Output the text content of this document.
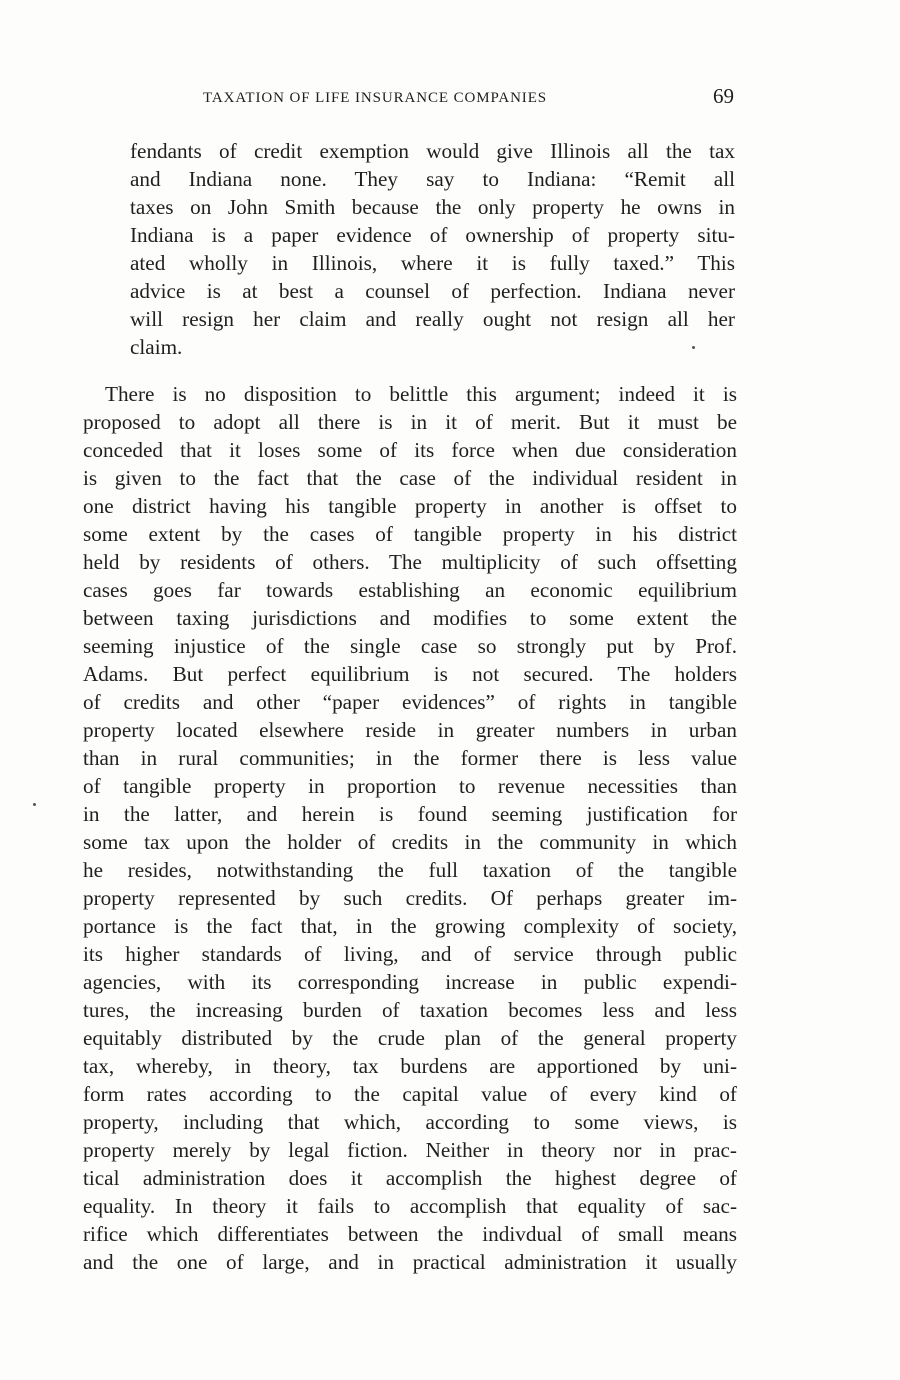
TAXATION OF LIFE INSURANCE COMPANIES	69
fendants of credit exemption would give Illinois all the tax
and Indiana none. They say to Indiana: “Remit all
taxes on John Smith because the only property he owns in
Indiana is a paper evidence of ownership of property situ-
ated wholly in Illinois, where it is fully taxed.” This
advice is at best a counsel of perfection. Indiana never
will resign her claim and really ought not resign all her
claim.
There is no disposition to belittle this argument; indeed it is
proposed to adopt all there is in it of merit. But it must be
conceded that it loses some of its force when due consideration
is given to the fact that the case of the individual resident in
one district having his tangible property in another is offset to
some extent by the cases of tangible property in his district
held by residents of others. The multiplicity of such offsetting
cases goes far towards establishing an economic equilibrium
between taxing jurisdictions and modifies to some extent the
seeming injustice of the single case so strongly put by Prof.
Adams. But perfect equilibrium is not secured. The holders
of credits and other “paper evidences” of rights in tangible
property located elsewhere reside in greater numbers in urban
than in rural communities; in the former there is less value
of tangible property in proportion to revenue necessities than
in the latter, and herein is found seeming justification for
some tax upon the holder of credits in the community in which
he resides, notwithstanding the full taxation of the tangible
property represented by such credits. Of perhaps greater im-
portance is the fact that, in the growing complexity of society,
its higher standards of living, and of service through public
agencies, with its corresponding increase in public expendi-
tures, the increasing burden of taxation becomes less and less
equitably distributed by the crude plan of the general property
tax, whereby, in theory, tax burdens are apportioned by uni-
form rates according to the capital value of every kind of
property, including that which, according to some views, is
property merely by legal fiction. Neither in theory nor in prac-
tical administration does it accomplish the highest degree of
equality. In theory it fails to accomplish that equality of sac-
rifice which differentiates between the indivdual of small means
and the one of large, and in practical administration it usually
